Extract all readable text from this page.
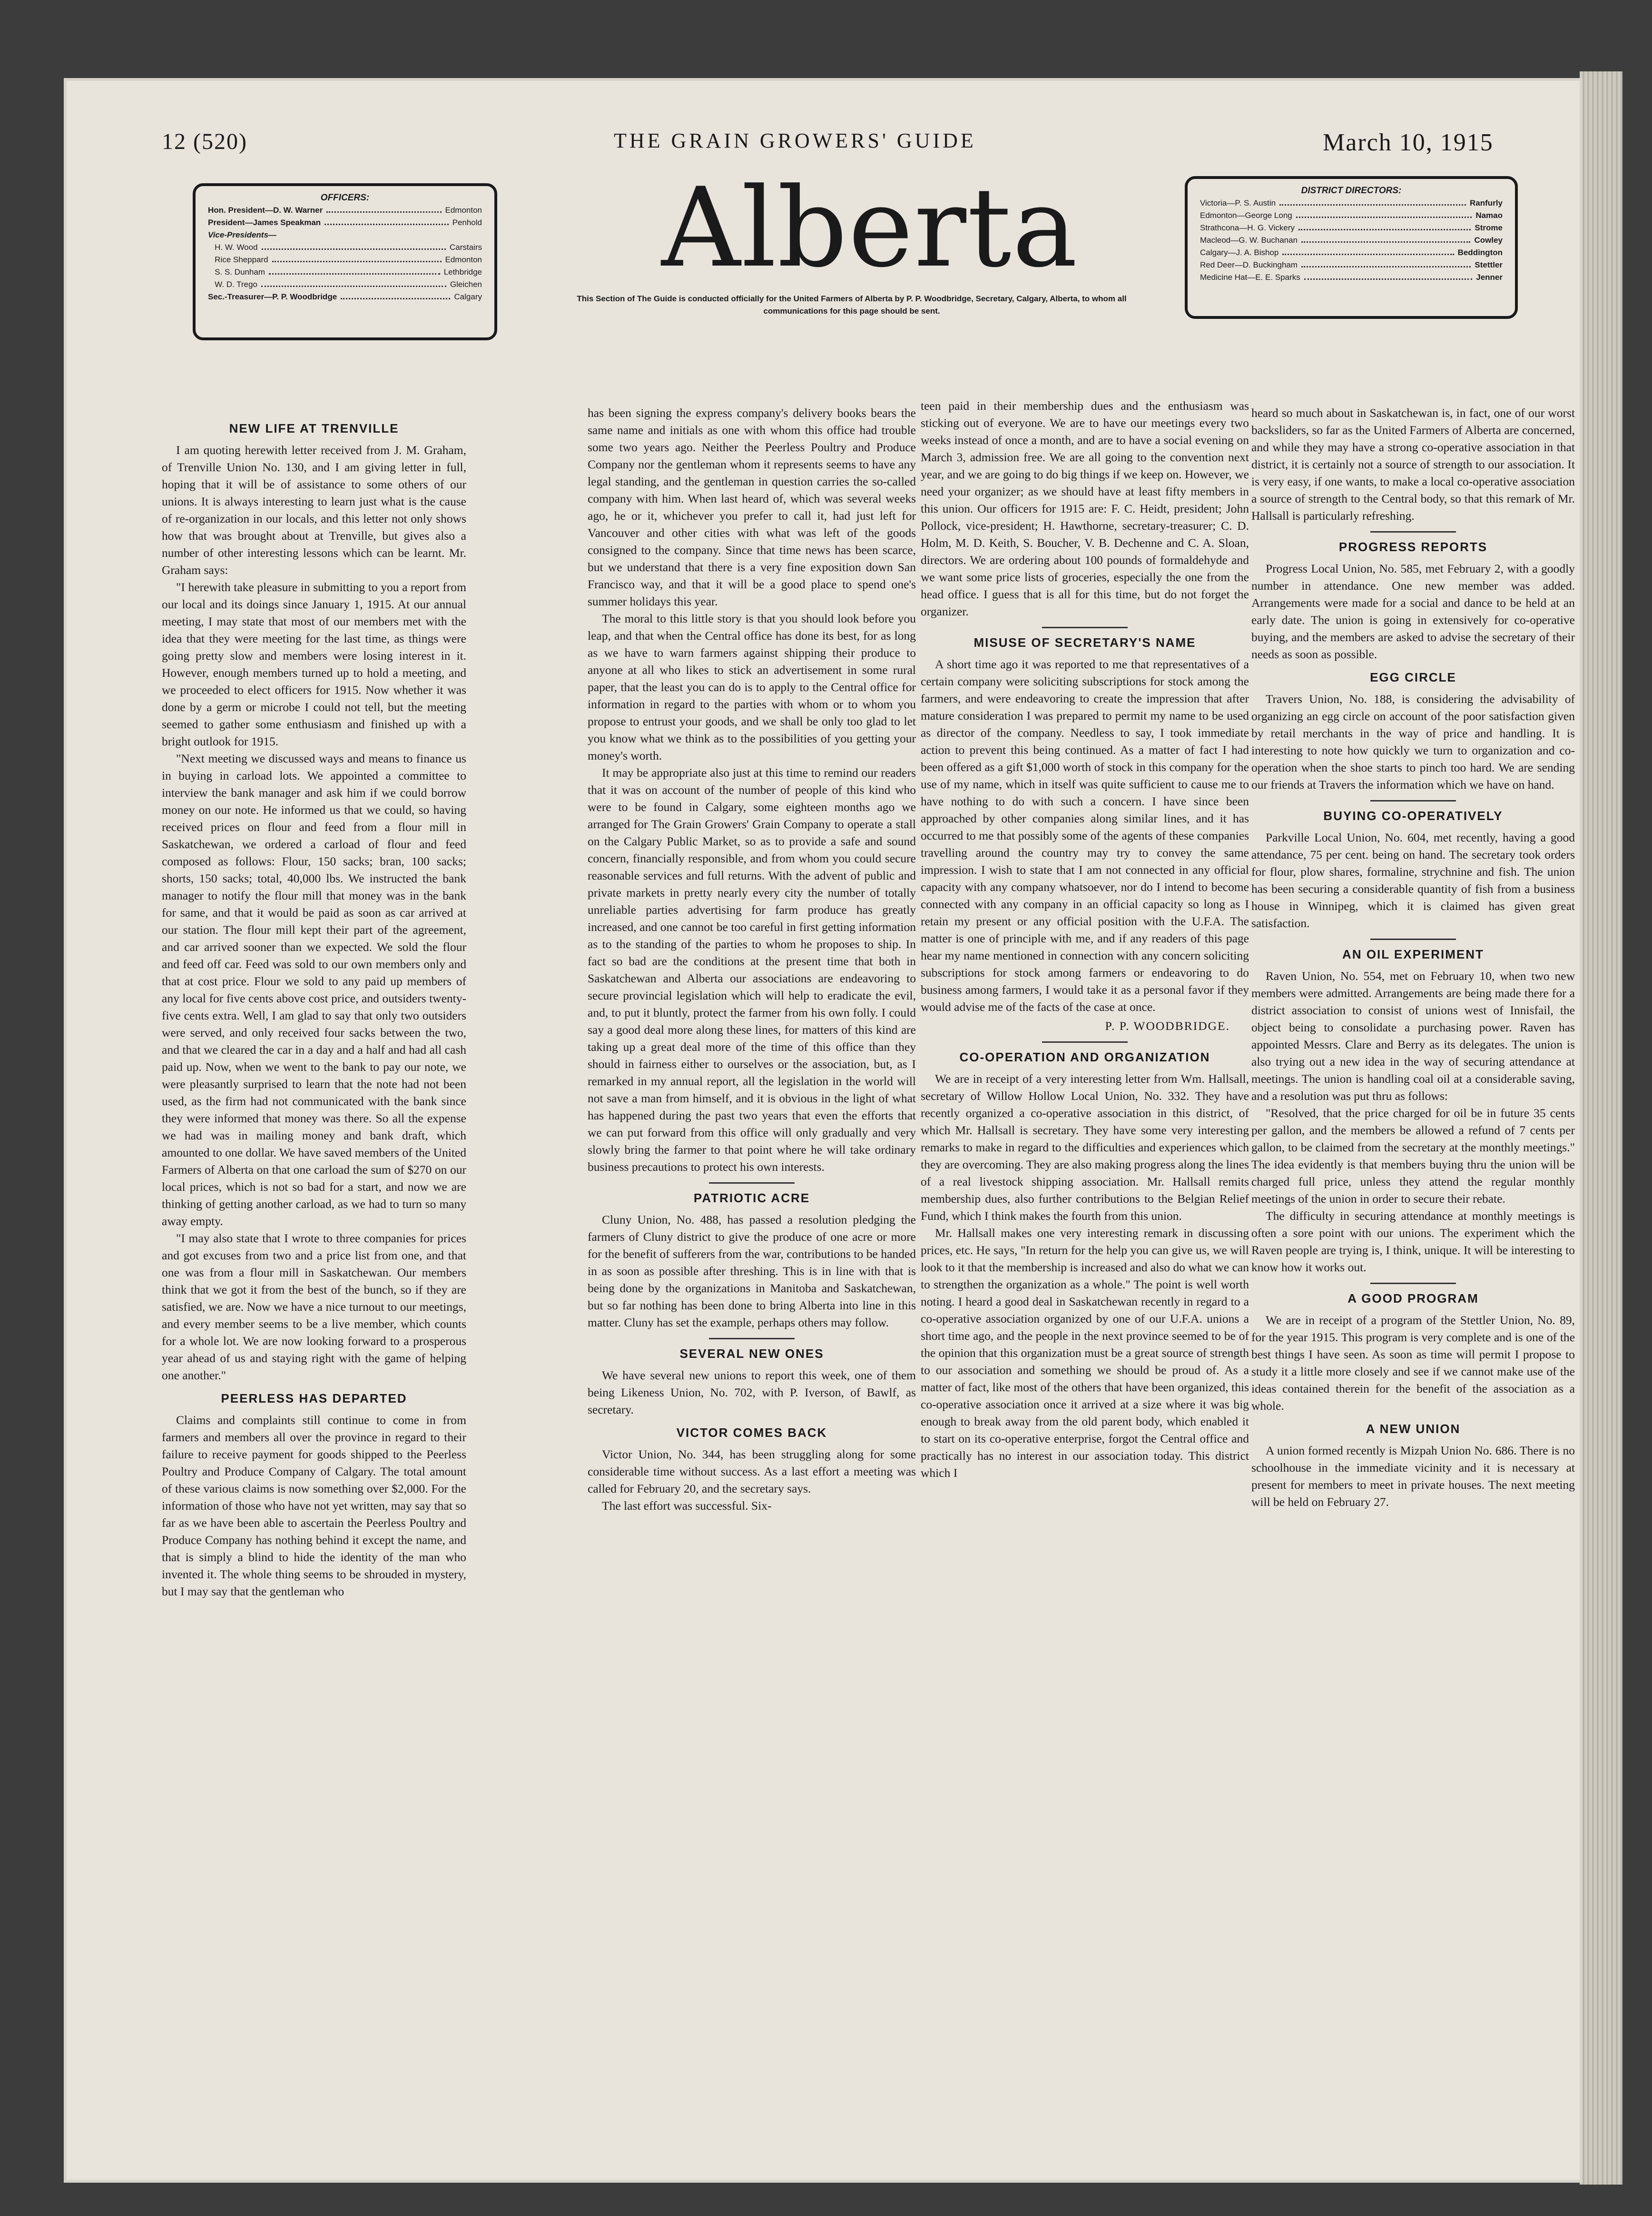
12 (520)	THE GRAIN GROWERS' GUIDE	March 10, 1915
OFFICERS:
Hon. President—D. W. Warner	Edmonton
President—James Speakman	Penhold
Vice-Presidents—
H. W. Wood	Carstairs
Rice Sheppard	Edmonton
S. S. Dunham	Lethbridge
W. D. Trego	Gleichen
Sec.-Treasurer—P. P. Woodbridge	Calgary
Alberta
This Section of The Guide is conducted officially for the United Farmers of Alberta by P. P. Woodbridge, Secretary, Calgary, Alberta, to whom all communications for this page should be sent.
DISTRICT DIRECTORS:
Victoria—P. S. Austin	Ranfurly
Edmonton—George Long	Namao
Strathcona—H. G. Vickery	Strome
Macleod—G. W. Buchanan	Cowley
Calgary—J. A. Bishop	Beddington
Red Deer—D. Buckingham	Stettler
Medicine Hat—E. E. Sparks	Jenner
NEW LIFE AT TRENVILLE

I am quoting herewith letter received from J. M. Graham, of Trenville Union No. 130, and I am giving letter in full, hoping that it will be of assistance to some others of our unions. It is always interesting to learn just what is the cause of re-organization in our locals, and this letter not only shows how that was brought about at Trenville, but gives also a number of other interesting lessons which can be learnt. Mr. Graham says:

"I herewith take pleasure in submitting to you a report from our local and its doings since January 1, 1915. At our annual meeting, I may state that most of our members met with the idea that they were meeting for the last time, as things were going pretty slow and members were losing interest in it. However, enough members turned up to hold a meeting, and we proceeded to elect officers for 1915. Now whether it was done by a germ or microbe I could not tell, but the meeting seemed to gather some enthusiasm and finished up with a bright outlook for 1915.

"Next meeting we discussed ways and means to finance us in buying in carload lots. We appointed a committee to interview the bank manager and ask him if we could borrow money on our note. He informed us that we could, so having received prices on flour and feed from a flour mill in Saskatchewan, we ordered a carload of flour and feed composed as follows: Flour, 150 sacks; bran, 100 sacks; shorts, 150 sacks; total, 40,000 lbs. We instructed the bank manager to notify the flour mill that money was in the bank for same, and that it would be paid as soon as car arrived at our station. The flour mill kept their part of the agreement, and car arrived sooner than we expected. We sold the flour and feed off car. Feed was sold to our own members only and that at cost price. Flour we sold to any paid up members of any local for five cents above cost price, and outsiders twenty-five cents extra. Well, I am glad to say that only two outsiders were served, and only received four sacks between the two, and that we cleared the car in a day and a half and had all cash paid up. Now, when we went to the bank to pay our note, we were pleasantly surprised to learn that the note had not been used, as the firm had not communicated with the bank since they were informed that money was there. So all the expense we had was in mailing money and bank draft, which amounted to one dollar. We have saved members of the United Farmers of Alberta on that one carload the sum of $270 on our local prices, which is not so bad for a start, and now we are thinking of getting another carload, as we had to turn so many away empty.

"I may also state that I wrote to three companies for prices and got excuses from two and a price list from one, and that one was from a flour mill in Saskatchewan. Our members think that we got it from the best of the bunch, so if they are satisfied, we are. Now we have a nice turnout to our meetings, and every member seems to be a live member, which counts for a whole lot. We are now looking forward to a prosperous year ahead of us and staying right with the game of helping one another."

PEERLESS HAS DEPARTED

Claims and complaints still continue to come in from farmers and members all over the province in regard to their failure to receive payment for goods shipped to the Peerless Poultry and Produce Company of Calgary. The total amount of these various claims is now something over $2,000. For the information of those who have not yet written, may say that so far as we have been able to ascertain the Peerless Poultry and Produce Company has nothing behind it except the name, and that is simply a blind to hide the identity of the man who invented it. The whole thing seems to be shrouded in mystery, but I may say that the gentleman who

has been signing the express company's delivery books bears the same name and initials as one with whom this office had trouble some two years ago. Neither the Peerless Poultry and Produce Company nor the gentleman whom it represents seems to have any legal standing, and the gentleman in question carries the so-called company with him. When last heard of, which was several weeks ago, he or it, whichever you prefer to call it, had just left for Vancouver and other cities with what was left of the goods consigned to the company. Since that time news has been scarce, but we understand that there is a very fine exposition down San Francisco way, and that it will be a good place to spend one's summer holidays this year.

The moral to this little story is that you should look before you leap, and that when the Central office has done its best, for as long as we have to warn farmers against shipping their produce to anyone at all who likes to stick an advertisement in some rural paper, that the least you can do is to apply to the Central office for information in regard to the parties with whom or to whom you propose to entrust your goods, and we shall be only too glad to let you know what we think as to the possibilities of you getting your money's worth.

It may be appropriate also just at this time to remind our readers that it was on account of the number of people of this kind who were to be found in Calgary, some eighteen months ago we arranged for The Grain Growers' Grain Company to operate a stall on the Calgary Public Market, so as to provide a safe and sound concern, financially responsible, and from whom you could secure reasonable services and full returns. With the advent of public and private markets in pretty nearly every city the number of totally unreliable parties advertising for farm produce has greatly increased, and one cannot be too careful in first getting information as to the standing of the parties to whom he proposes to ship. In fact so bad are the conditions at the present time that both in Saskatchewan and Alberta our associations are endeavoring to secure provincial legislation which will help to eradicate the evil, and, to put it bluntly, protect the farmer from his own folly. I could say a good deal more along these lines, for matters of this kind are taking up a great deal more of the time of this office than they should in fairness either to ourselves or the association, but, as I remarked in my annual report, all the legislation in the world will not save a man from himself, and it is obvious in the light of what has happened during the past two years that even the efforts that we can put forward from this office will only gradually and very slowly bring the farmer to that point where he will take ordinary business precautions to protect his own interests.

PATRIOTIC ACRE

Cluny Union, No. 488, has passed a resolution pledging the farmers of Cluny district to give the produce of one acre or more for the benefit of sufferers from the war, contributions to be handed in as soon as possible after threshing. This is in line with that is being done by the organizations in Manitoba and Saskatchewan, but so far nothing has been done to bring Alberta into line in this matter. Cluny has set the example, perhaps others may follow.

SEVERAL NEW ONES

We have several new unions to report this week, one of them being Likeness Union, No. 702, with P. Iverson, of Bawlf, as secretary.

VICTOR COMES BACK

Victor Union, No. 344, has been struggling along for some considerable time without success. As a last effort a meeting was called for February 20, and the secretary says.

The last effort was successful. Six-

teen paid in their membership dues and the enthusiasm was sticking out of everyone. We are to have our meetings every two weeks instead of once a month, and are to have a social evening on March 3, admission free. We are all going to the convention next year, and we are going to do big things if we keep on. However, we need your organizer; as we should have at least fifty members in this union. Our officers for 1915 are: F. C. Heidt, president; John Pollock, vice-president; H. Hawthorne, secretary-treasurer; C. D. Holm, M. D. Keith, S. Boucher, V. B. Dechenne and C. A. Sloan, directors. We are ordering about 100 pounds of formaldehyde and we want some price lists of groceries, especially the one from the head office. I guess that is all for this time, but do not forget the organizer.

MISUSE OF SECRETARY'S NAME

A short time ago it was reported to me that representatives of a certain company were soliciting subscriptions for stock among the farmers, and were endeavoring to create the impression that after mature consideration I was prepared to permit my name to be used as director of the company. Needless to say, I took immediate action to prevent this being continued. As a matter of fact I had been offered as a gift $1,000 worth of stock in this company for the use of my name, which in itself was quite sufficient to cause me to have nothing to do with such a concern. I have since been approached by other companies along similar lines, and it has occurred to me that possibly some of the agents of these companies travelling around the country may try to convey the same impression. I wish to state that I am not connected in any official capacity with any company whatsoever, nor do I intend to become connected with any company in an official capacity so long as I retain my present or any official position with the U.F.A. The matter is one of principle with me, and if any readers of this page hear my name mentioned in connection with any concern soliciting subscriptions for stock among farmers or endeavoring to do business among farmers, I would take it as a personal favor if they would advise me of the facts of the case at once.

P. P. WOODBRIDGE.
CO-OPERATION AND ORGANIZATION

We are in receipt of a very interesting letter from Wm. Hallsall, secretary of Willow Hollow Local Union, No. 332. They have recently organized a co-operative association in this district, of which Mr. Hallsall is secretary. They have some very interesting remarks to make in regard to the difficulties and experiences which they are overcoming. They are also making progress along the lines of a real livestock shipping association. Mr. Hallsall remits membership dues, also further contributions to the Belgian Relief Fund, which I think makes the fourth from this union.

Mr. Hallsall makes one very interesting remark in discussing prices, etc. He says, "In return for the help you can give us, we will look to it that the membership is increased and also do what we can to strengthen the organization as a whole." The point is well worth noting. I heard a good deal in Saskatchewan recently in regard to a co-operative association organized by one of our U.F.A. unions a short time ago, and the people in the next province seemed to be of the opinion that this organization must be a great source of strength to our association and something we should be proud of. As a matter of fact, like most of the others that have been organized, this co-operative association once it arrived at a size where it was big enough to break away from the old parent body, which enabled it to start on its co-operative enterprise, forgot the Central office and practically has no interest in our association today. This district which I

heard so much about in Saskatchewan is, in fact, one of our worst backsliders, so far as the United Farmers of Alberta are concerned, and while they may have a strong co-operative association in that district, it is certainly not a source of strength to our association. It is very easy, if one wants, to make a local co-operative association a source of strength to the Central body, so that this remark of Mr. Hallsall is particularly refreshing.

PROGRESS REPORTS

Progress Local Union, No. 585, met February 2, with a goodly number in attendance. One new member was added. Arrangements were made for a social and dance to be held at an early date. The union is going in extensively for co-operative buying, and the members are asked to advise the secretary of their needs as soon as possible.

EGG CIRCLE

Travers Union, No. 188, is considering the advisability of organizing an egg circle on account of the poor satisfaction given by retail merchants in the way of price and handling. It is interesting to note how quickly we turn to organization and co-operation when the shoe starts to pinch too hard. We are sending our friends at Travers the information which we have on hand.

BUYING CO-OPERATIVELY

Parkville Local Union, No. 604, met recently, having a good attendance, 75 per cent. being on hand. The secretary took orders for flour, plow shares, formaline, strychnine and fish. The union has been securing a considerable quantity of fish from a business house in Winnipeg, which it is claimed has given great satisfaction.

AN OIL EXPERIMENT

Raven Union, No. 554, met on February 10, when two new members were admitted. Arrangements are being made there for a district association to consist of unions west of Innisfail, the object being to consolidate a purchasing power. Raven has appointed Messrs. Clare and Berry as its delegates. The union is also trying out a new idea in the way of securing attendance at meetings. The union is handling coal oil at a considerable saving, and a resolution was put thru as follows:

"Resolved, that the price charged for oil be in future 35 cents per gallon, and the members be allowed a refund of 7 cents per gallon, to be claimed from the secretary at the monthly meetings." The idea evidently is that members buying thru the union will be charged full price, unless they attend the regular monthly meetings of the union in order to secure their rebate.

The difficulty in securing attendance at monthly meetings is often a sore point with our unions. The experiment which the Raven people are trying is, I think, unique. It will be interesting to know how it works out.

A GOOD PROGRAM

We are in receipt of a program of the Stettler Union, No. 89, for the year 1915. This program is very complete and is one of the best things I have seen. As soon as time will permit I propose to study it a little more closely and see if we cannot make use of the ideas contained therein for the benefit of the association as a whole.

A NEW UNION

A union formed recently is Mizpah Union No. 686. There is no schoolhouse in the immediate vicinity and it is necessary at present for members to meet in private houses. The next meeting will be held on February 27.
